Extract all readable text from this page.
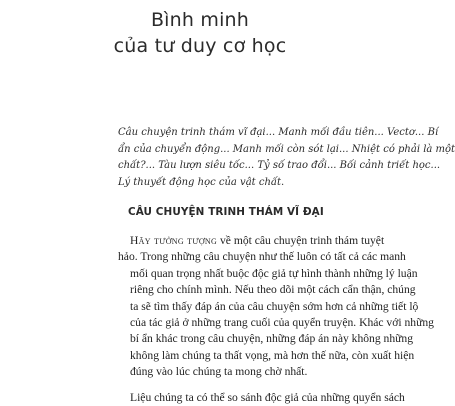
Bình minh
của tư duy cơ học

Câu chuyện trinh thám vĩ đại... Manh mối đầu tiên... Vectơ... Bí
ẩn của chuyển động... Manh mối còn sót lại... Nhiệt có phải là một
chất?... Tàu lượn siêu tốc... Tỷ số trao đổi... Bối cảnh triết học...
Lý thuyết động học của vật chất.

CÂU CHUYỆN TRINH THÁM VĨ ĐẠI
Hãy tưởng tượng về một câu chuyện trinh thám tuyệt
hảo. Trong những câu chuyện như thế luôn có tất cả các manh
mối quan trọng nhất buộc độc giả tự hình thành những lý luận
riêng cho chính mình. Nếu theo dõi một cách cẩn thận, chúng
ta sẽ tìm thấy đáp án của câu chuyện sớm hơn cả những tiết lộ
của tác giả ở những trang cuối của quyển truyện. Khác với những
bí ẩn khác trong câu chuyện, những đáp án này không những
không làm chúng ta thất vọng, mà hơn thế nữa, còn xuất hiện
đúng vào lúc chúng ta mong chờ nhất.
Liệu chúng ta có thể so sánh độc giả của những quyển sách
